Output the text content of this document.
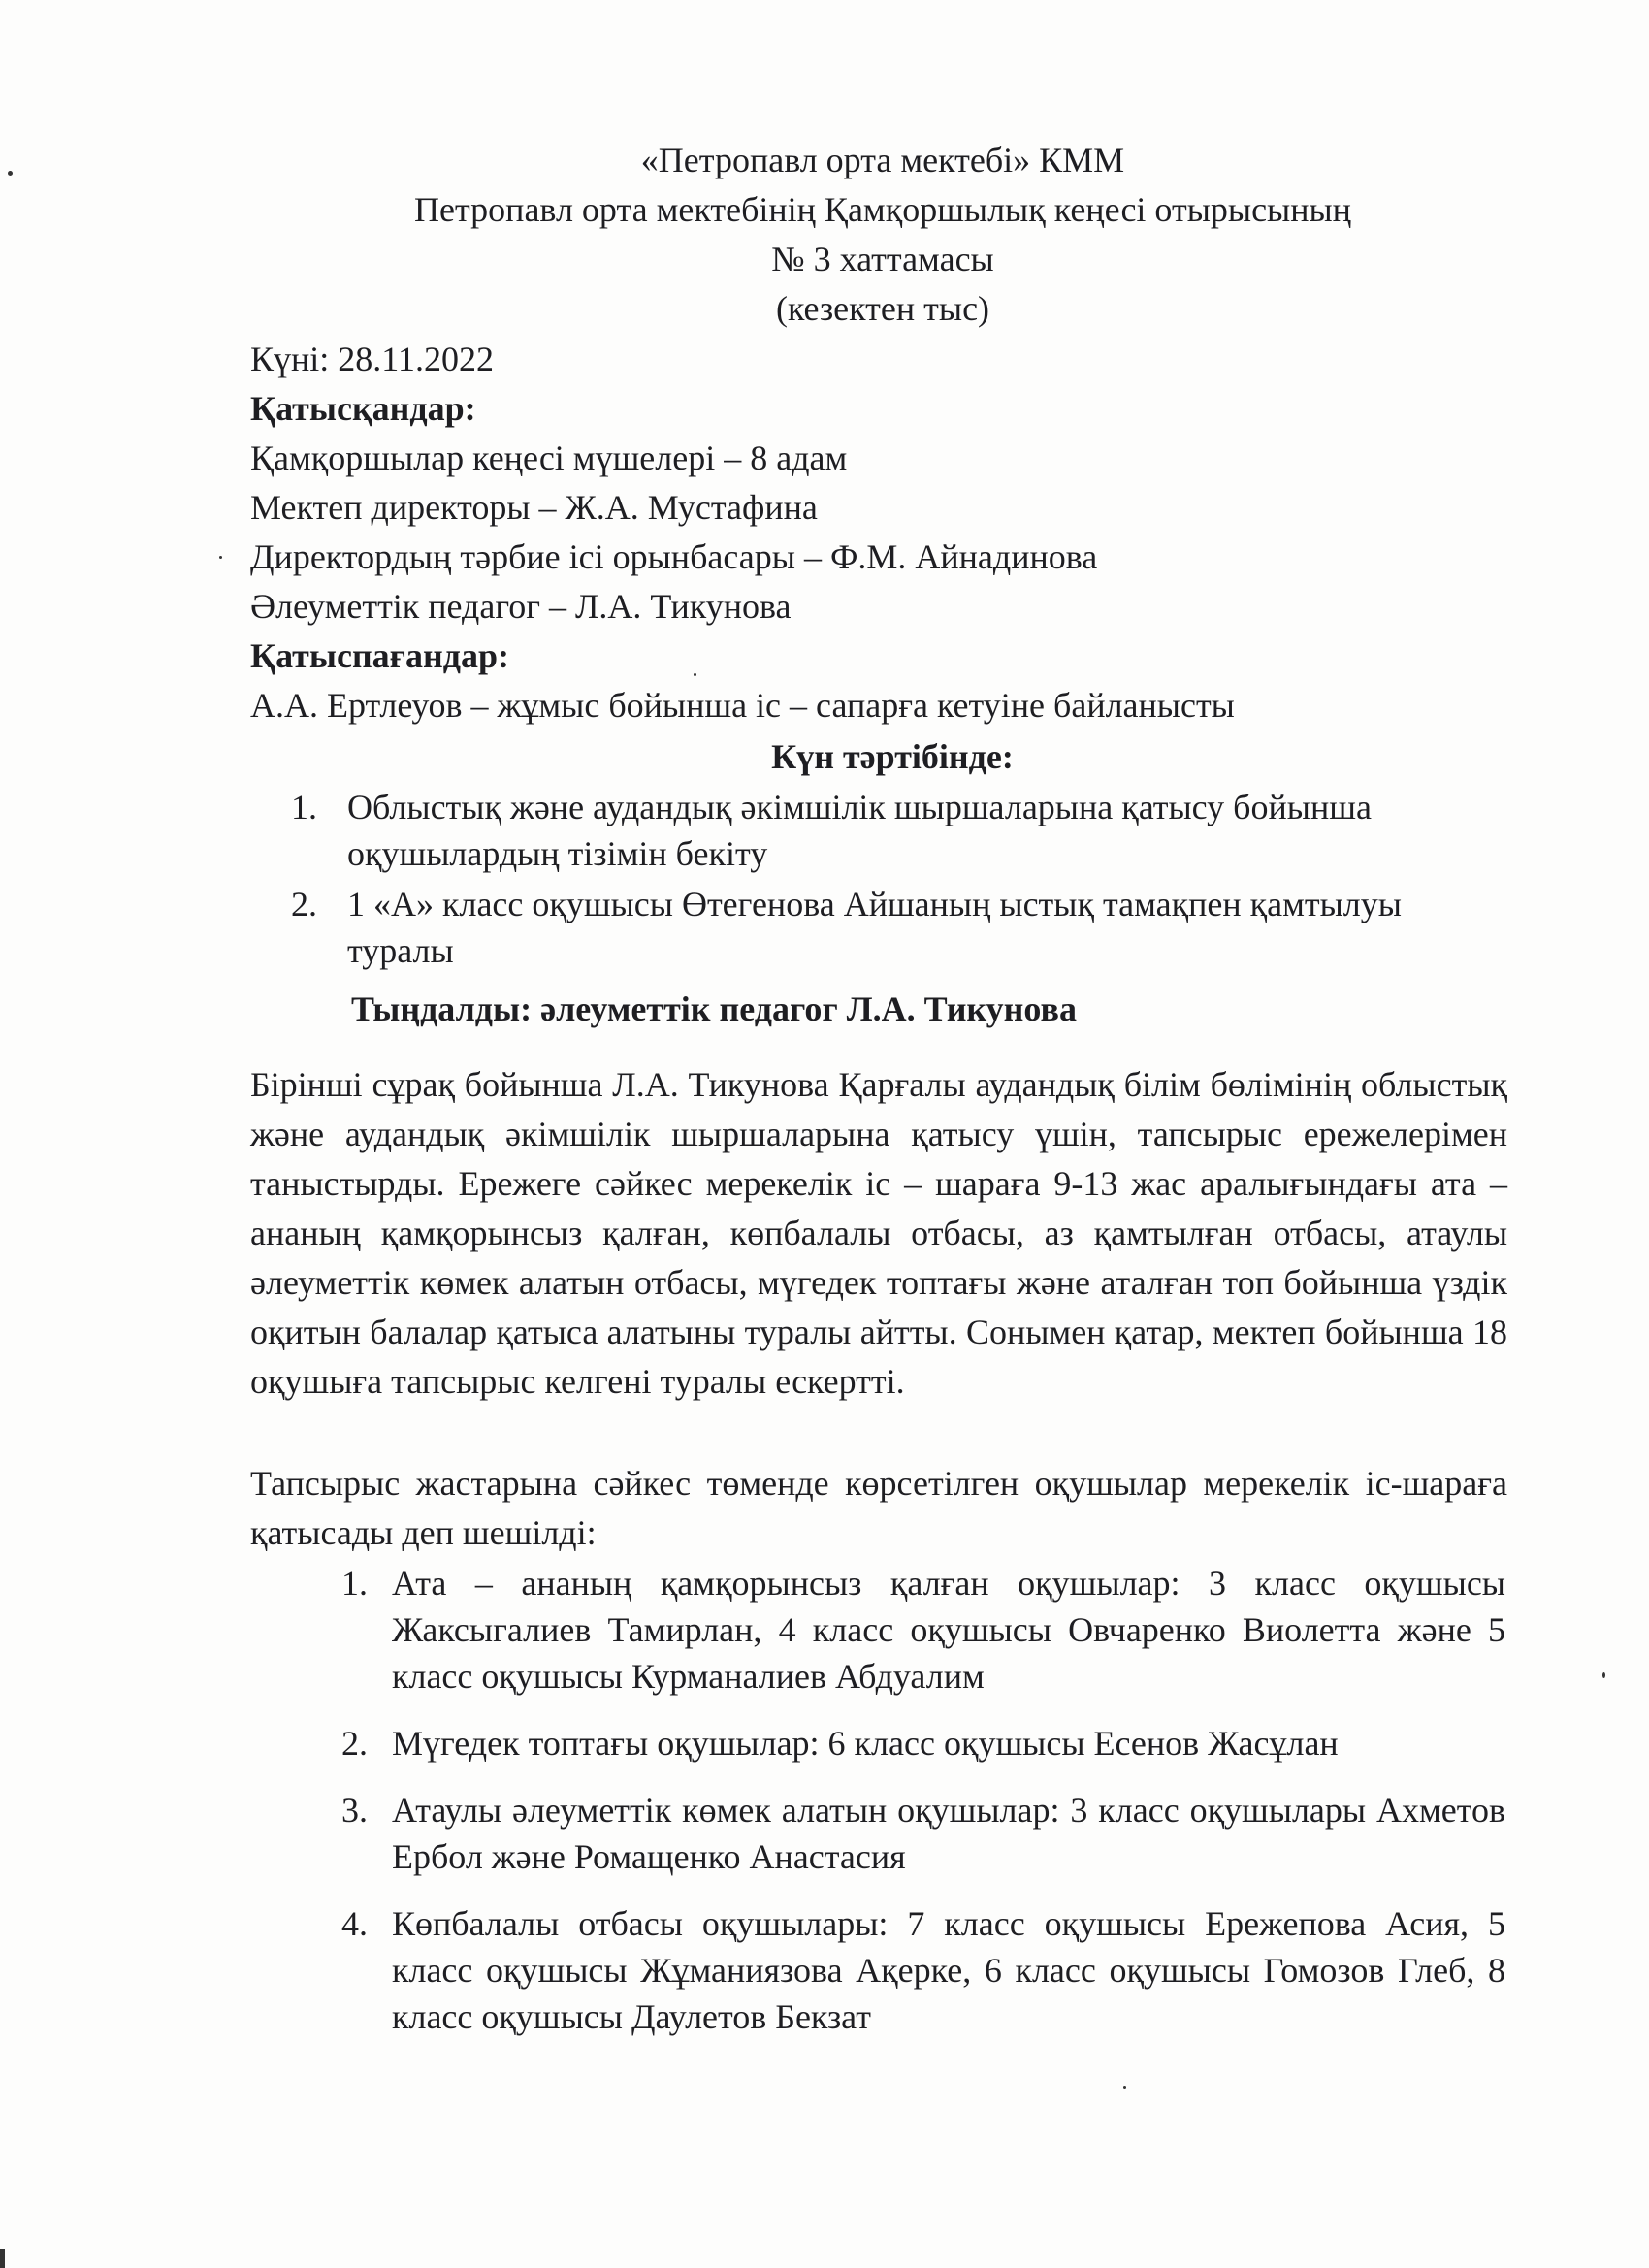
«Петропавл орта мектебі» КММ
Петропавл орта мектебінің Қамқоршылық кеңесі отырысының
№ 3 хаттамасы
(кезектен тыс)
Күні: 28.11.2022
Қатысқандар:
Қамқоршылар кеңесі мүшелері – 8 адам
Мектеп директоры – Ж.А. Мустафина
Директордың тәрбие ісі орынбасары – Ф.М. Айнадинова
Әлеуметтік педагог – Л.А. Тикунова
Қатыспағандар:
А.А. Ертлеуов – жұмыс бойынша іс – сапарға кетуіне байланысты
Күн тәртібінде:
1. Облыстық және аудандық әкімшілік шыршаларына қатысу бойынша оқушылардың тізімін бекіту
2. 1 «А» класс оқушысы Өтегенова Айшаның ыстық тамақпен қамтылуы туралы
Тыңдалды: әлеуметтік педагог Л.А. Тикунова
Бірінші сұрақ бойынша Л.А. Тикунова Қарғалы аудандық білім бөлімінің облыстық және аудандық әкімшілік шыршаларына қатысу үшін, тапсырыс ережелерімен таныстырды. Ережеге сәйкес мерекелік іс – шараға 9-13 жас аралығындағы ата – ананың қамқорынсыз қалған, көпбалалы отбасы, аз қамтылған отбасы, атаулы әлеуметтік көмек алатын отбасы, мүгедек топтағы және аталған топ бойынша үздік оқитын балалар қатыса алатыны туралы айтты. Сонымен қатар, мектеп бойынша 18 оқушыға тапсырыс келгені туралы ескертті.
Тапсырыс жастарына сәйкес төменде көрсетілген оқушылар мерекелік іс-шараға қатысады деп шешілді:
1. Ата – ананың қамқорынсыз қалған оқушылар: 3 класс оқушысы Жаксыгалиев Тамирлан, 4 класс оқушысы Овчаренко Виолетта және 5 класс оқушысы Курманалиев Абдуалим
2. Мүгедек топтағы оқушылар: 6 класс оқушысы Есенов Жасұлан
3. Атаулы әлеуметтік көмек алатын оқушылар: 3 класс оқушылары Ахметов Ербол және Ромащенко Анастасия
4. Көпбалалы отбасы оқушылары: 7 класс оқушысы Ережепова Асия, 5 класс оқушысы Жұманиязова Ақерке, 6 класс оқушысы Гомозов Глеб, 8 класс оқушысы Даулетов Бекзат
